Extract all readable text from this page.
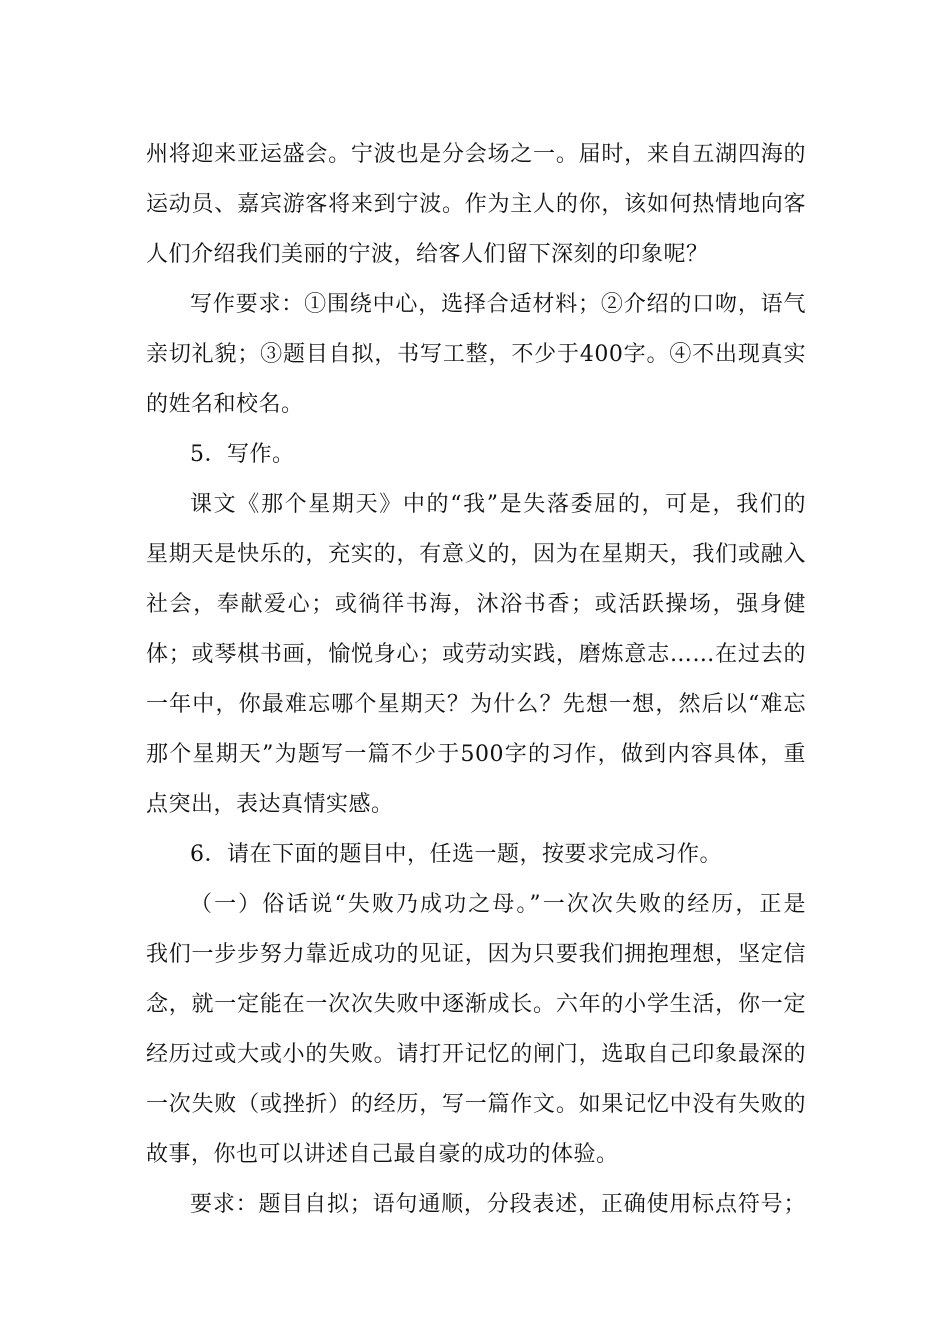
州将迎来亚运盛会。宁波也是分会场之一。届时，来自五湖四海的
运动员、嘉宾游客将来到宁波。作为主人的你，该如何热情地向客
人们介绍我们美丽的宁波，给客人们留下深刻的印象呢？
写作要求：①围绕中心，选择合适材料；②介绍的口吻，语气
亲切礼貌；③题目自拟，书写工整，不少于400字。④不出现真实
的姓名和校名。
5．写作。
课文《那个星期天》中的“我”是失落委屈的，可是，我们的
星期天是快乐的，充实的，有意义的，因为在星期天，我们或融入
社会，奉献爱心；或徜徉书海，沐浴书香；或活跃操场，强身健
体；或琴棋书画，愉悦身心；或劳动实践，磨炼意志……在过去的
一年中，你最难忘哪个星期天？为什么？先想一想，然后以“难忘
那个星期天”为题写一篇不少于500字的习作，做到内容具体，重
点突出，表达真情实感。
6．请在下面的题目中，任选一题，按要求完成习作。
（一）俗话说“失败乃成功之母。”一次次失败的经历，正是
我们一步步努力靠近成功的见证，因为只要我们拥抱理想，坚定信
念，就一定能在一次次失败中逐渐成长。六年的小学生活，你一定
经历过或大或小的失败。请打开记忆的闸门，选取自己印象最深的
一次失败（或挫折）的经历，写一篇作文。如果记忆中没有失败的
故事，你也可以讲述自己最自豪的成功的体验。
要求：题目自拟；语句通顺，分段表述，正确使用标点符号；
